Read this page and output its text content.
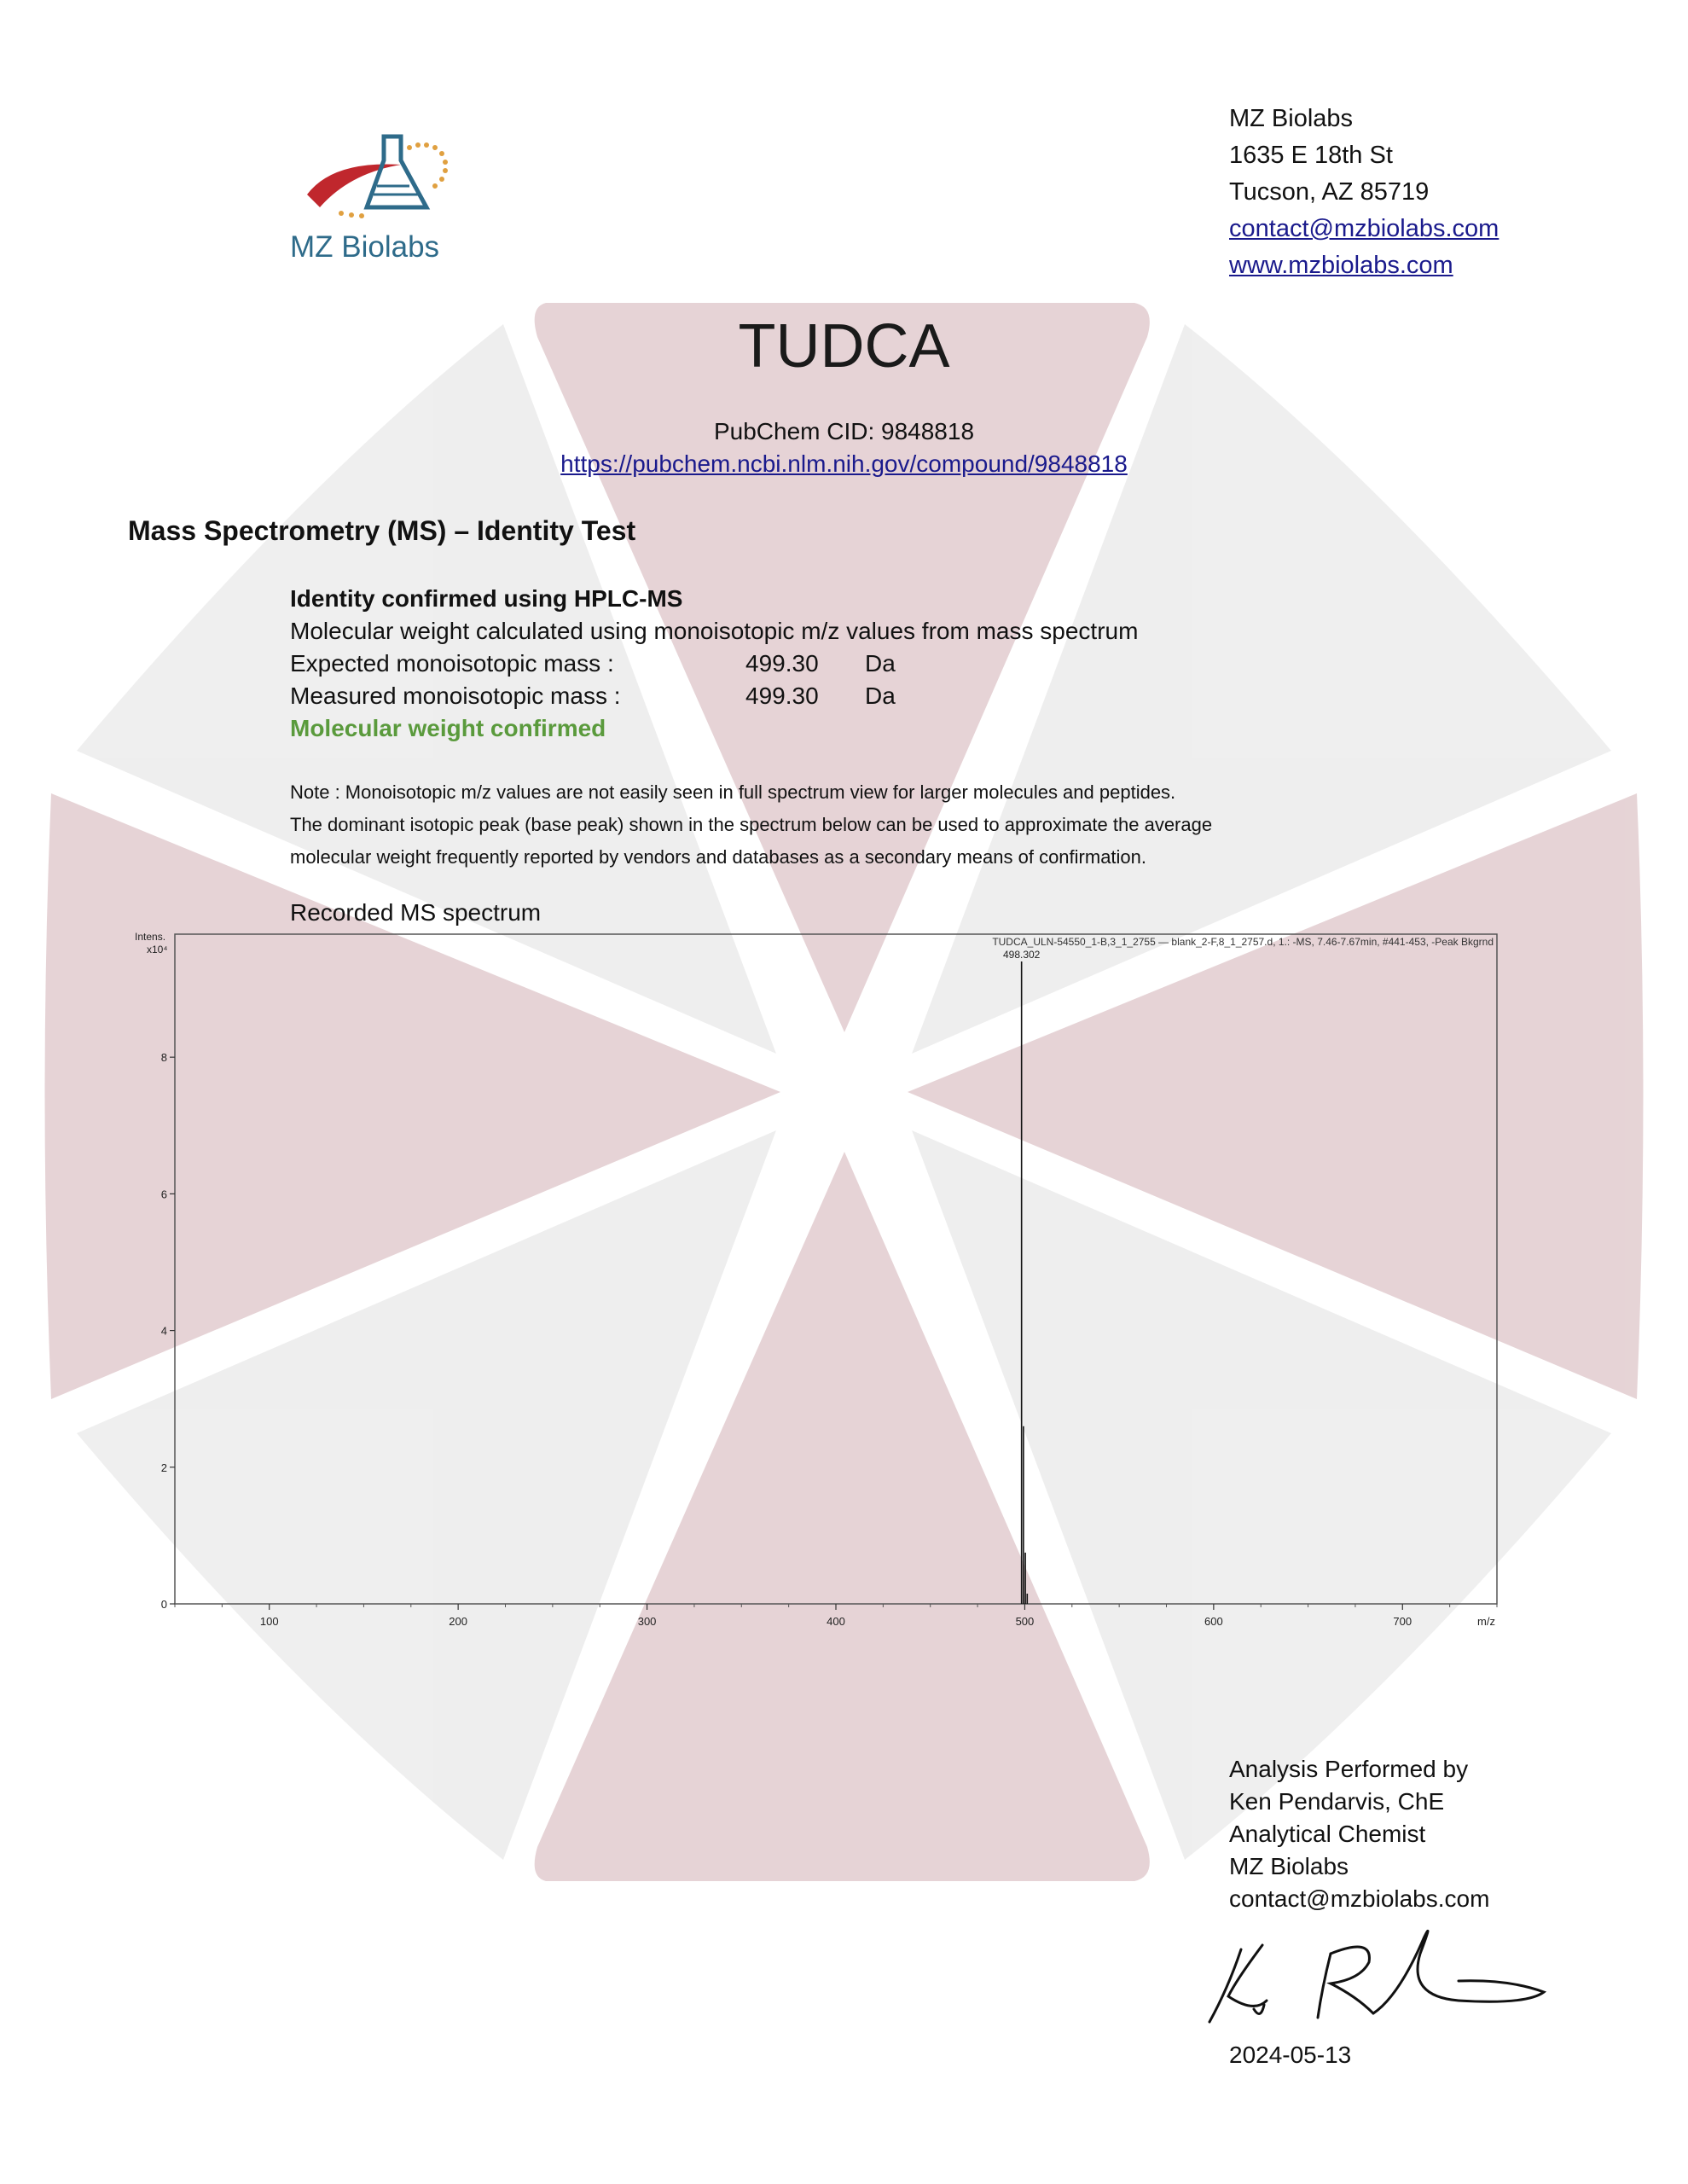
MZ Biolabs
MZ Biolabs
1635 E 18th St
Tucson, AZ 85719
contact@mzbiolabs.com
www.mzbiolabs.com
TUDCA
PubChem CID: 9848818
https://pubchem.ncbi.nlm.nih.gov/compound/9848818
Mass Spectrometry (MS) – Identity Test
Identity confirmed using HPLC-MS
Molecular weight calculated using monoisotopic m/z values from mass spectrum
Expected monoisotopic mass :	499.30 Da
Measured monoisotopic mass :	499.30 Da
Molecular weight confirmed
Note : Monoisotopic m/z values are not easily seen in full spectrum view for larger molecules and peptides.
The dominant isotopic peak (base peak) shown in the spectrum below can be used to approximate the average
molecular weight frequently reported by vendors and databases as a secondary means of confirmation.
Recorded MS spectrum
100	200	300	400	500	600	700
0
2
4
6
8
Intens.
x10⁴
m/z
TUDCA_ULN-54550_1-B,3_1_2755 — blank_2-F,8_1_2757.d, 1.: -MS, 7.46-7.67min, #441-453, -Peak Bkgrnd
498.302
Analysis Performed by
Ken Pendarvis, ChE
Analytical Chemist
MZ Biolabs
contact@mzbiolabs.com
2024-05-13
